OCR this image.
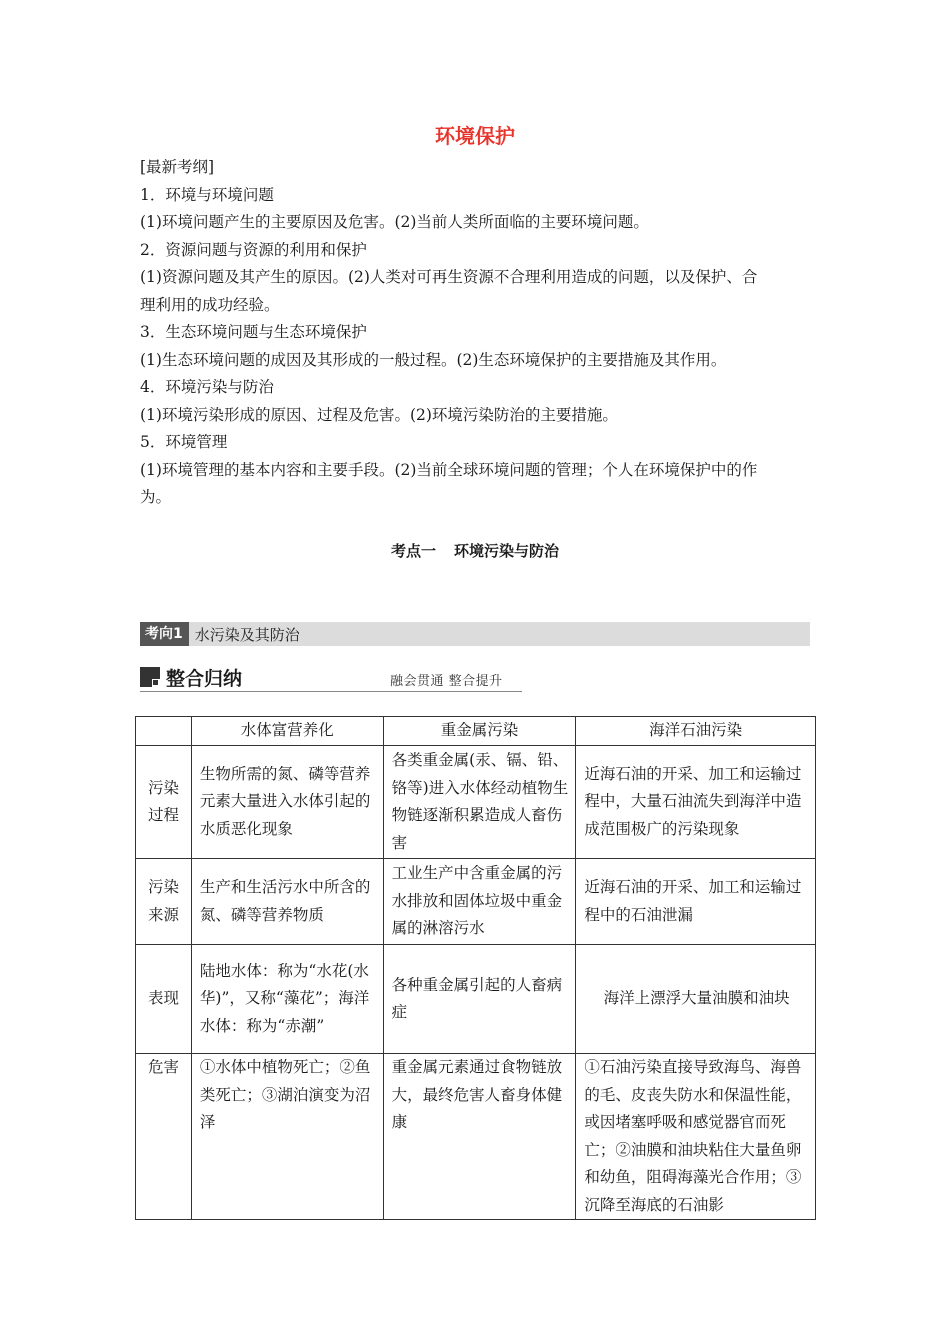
环境保护
[最新考纲]
1．环境与环境问题
(1)环境问题产生的主要原因及危害。(2)当前人类所面临的主要环境问题。
2．资源问题与资源的利用和保护
(1)资源问题及其产生的原因。(2)人类对可再生资源不合理利用造成的问题，以及保护、合
理利用的成功经验。
3．生态环境问题与生态环境保护
(1)生态环境问题的成因及其形成的一般过程。(2)生态环境保护的主要措施及其作用。
4．环境污染与防治
(1)环境污染形成的原因、过程及危害。(2)环境污染防治的主要措施。
5．环境管理
(1)环境管理的基本内容和主要手段。(2)当前全球环境问题的管理；个人在环境保护中的作
为。
考点一 环境污染与防治
考向1 水污染及其防治
整合归纳	融会贯通 整合提升
	水体富营养化	重金属污染	海洋石油污染

污染
过程	生物所需的氮、磷等营养元素大量进入水体引起的水质恶化现象	各类重金属(汞、镉、铅、铬等)进入水体经动植物生物链逐渐积累造成人畜伤害	近海石油的开采、加工和运输过程中，大量石油流失到海洋中造成范围极广的污染现象

污染
来源	生产和生活污水中所含的氮、磷等营养物质	工业生产中含重金属的污水排放和固体垃圾中重金属的淋溶污水	近海石油的开采、加工和运输过程中的石油泄漏

表现	陆地水体：称为“水花(水华)”，又称“藻花”；海洋水体：称为“赤潮”	各种重金属引起的人畜病症	海洋上漂浮大量油膜和油块

危害	①水体中植物死亡；②鱼类死亡；③湖泊演变为沼泽	重金属元素通过食物链放大，最终危害人畜身体健康	①石油污染直接导致海鸟、海兽的毛、皮丧失防水和保温性能，或因堵塞呼吸和感觉器官而死亡；②油膜和油块粘住大量鱼卵和幼鱼，阻碍海藻光合作用；③沉降至海底的石油影
